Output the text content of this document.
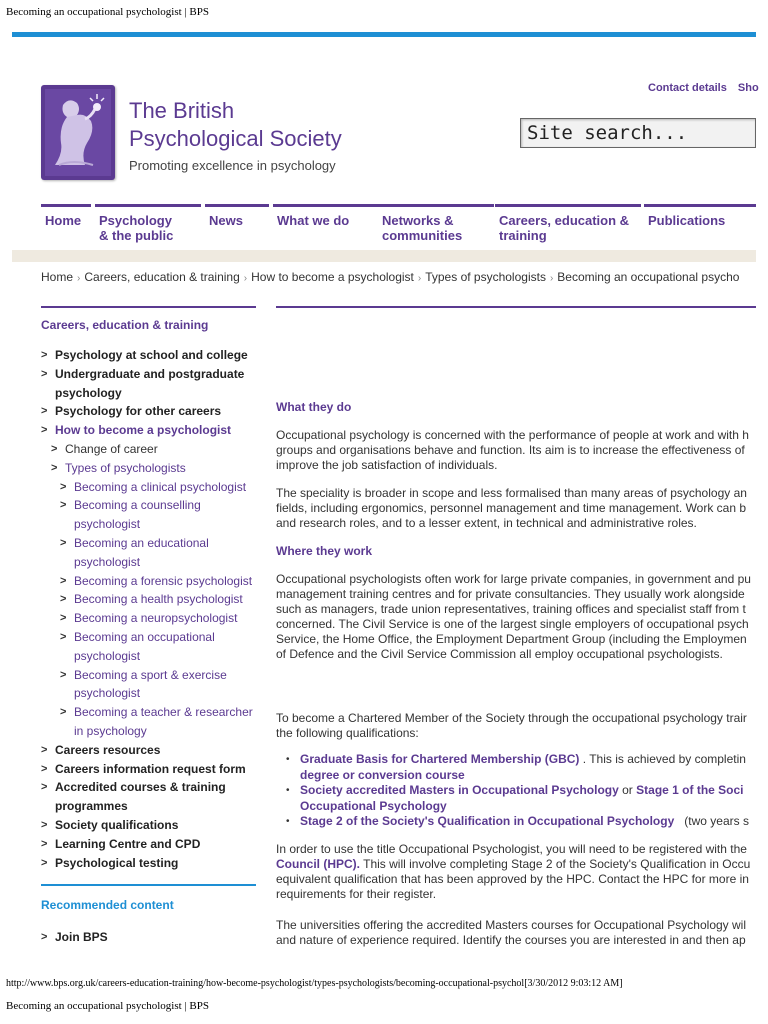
Becoming an occupational psychologist | BPS
The British
Psychological Society
Promoting excellence in psychology
Contact details Sho
Site search...
Home	Psychology
& the public
News	What we do	Networks &
communities
Careers, education &
training
Publications
Home › Careers, education & training › How to become a psychologist › Types of psychologists › Becoming an occupational psycho
Careers, education & training
> Psychology at school and college
> Undergraduate and postgraduate psychology
> Psychology for other careers
> How to become a psychologist
> Change of career
> Types of psychologists
> Becoming a clinical psychologist
> Becoming a counselling psychologist
> Becoming an educational psychologist
> Becoming a forensic psychologist
> Becoming a health psychologist
> Becoming a neuropsychologist
> Becoming an occupational psychologist
> Becoming a sport & exercise psychologist
> Becoming a teacher & researcher in psychology
> Careers resources
> Careers information request form
> Accredited courses & training programmes
> Society qualifications
> Learning Centre and CPD
> Psychological testing
Recommended content
> Join BPS
What they do

Occupational psychology is concerned with the performance of people at work and with h

groups and organisations behave and function. Its aim is to increase the effectiveness of

improve the job satisfaction of individuals.

The speciality is broader in scope and less formalised than many areas of psychology an

fields, including ergonomics, personnel management and time management. Work can b

and research roles, and to a lesser extent, in technical and administrative roles.

Where they work

Occupational psychologists often work for large private companies, in government and pu

management training centres and for private consultancies. They usually work alongside

such as managers, trade union representatives, training offices and specialist staff from t

concerned. The Civil Service is one of the largest single employers of occupational psych

Service, the Home Office, the Employment Department Group (including the Employmen

of Defence and the Civil Service Commission all employ occupational psychologists.

To become a Chartered Member of the Society through the occupational psychology trair

the following qualifications:

• Graduate Basis for Chartered Membership (GBC) . This is achieved by completin
degree or conversion course
• Society accredited Masters in Occupational Psychology or Stage 1 of the Soci
Occupational Psychology
• Stage 2 of the Society's Qualification in Occupational Psychology (two years s

In order to use the title Occupational Psychologist, you will need to be registered with the

Council (HPC). This will involve completing Stage 2 of the Society's Qualification in Occu

equivalent qualification that has been approved by the HPC. Contact the HPC for more in

requirements for their register.

The universities offering the accredited Masters courses for Occupational Psychology wil

and nature of experience required. Identify the courses you are interested in and then ap

http://www.bps.org.uk/careers-education-training/how-become-psychologist/types-psychologists/becoming-occupational-psychol[3/30/2012 9:03:12 AM]
Becoming an occupational psychologist | BPS
